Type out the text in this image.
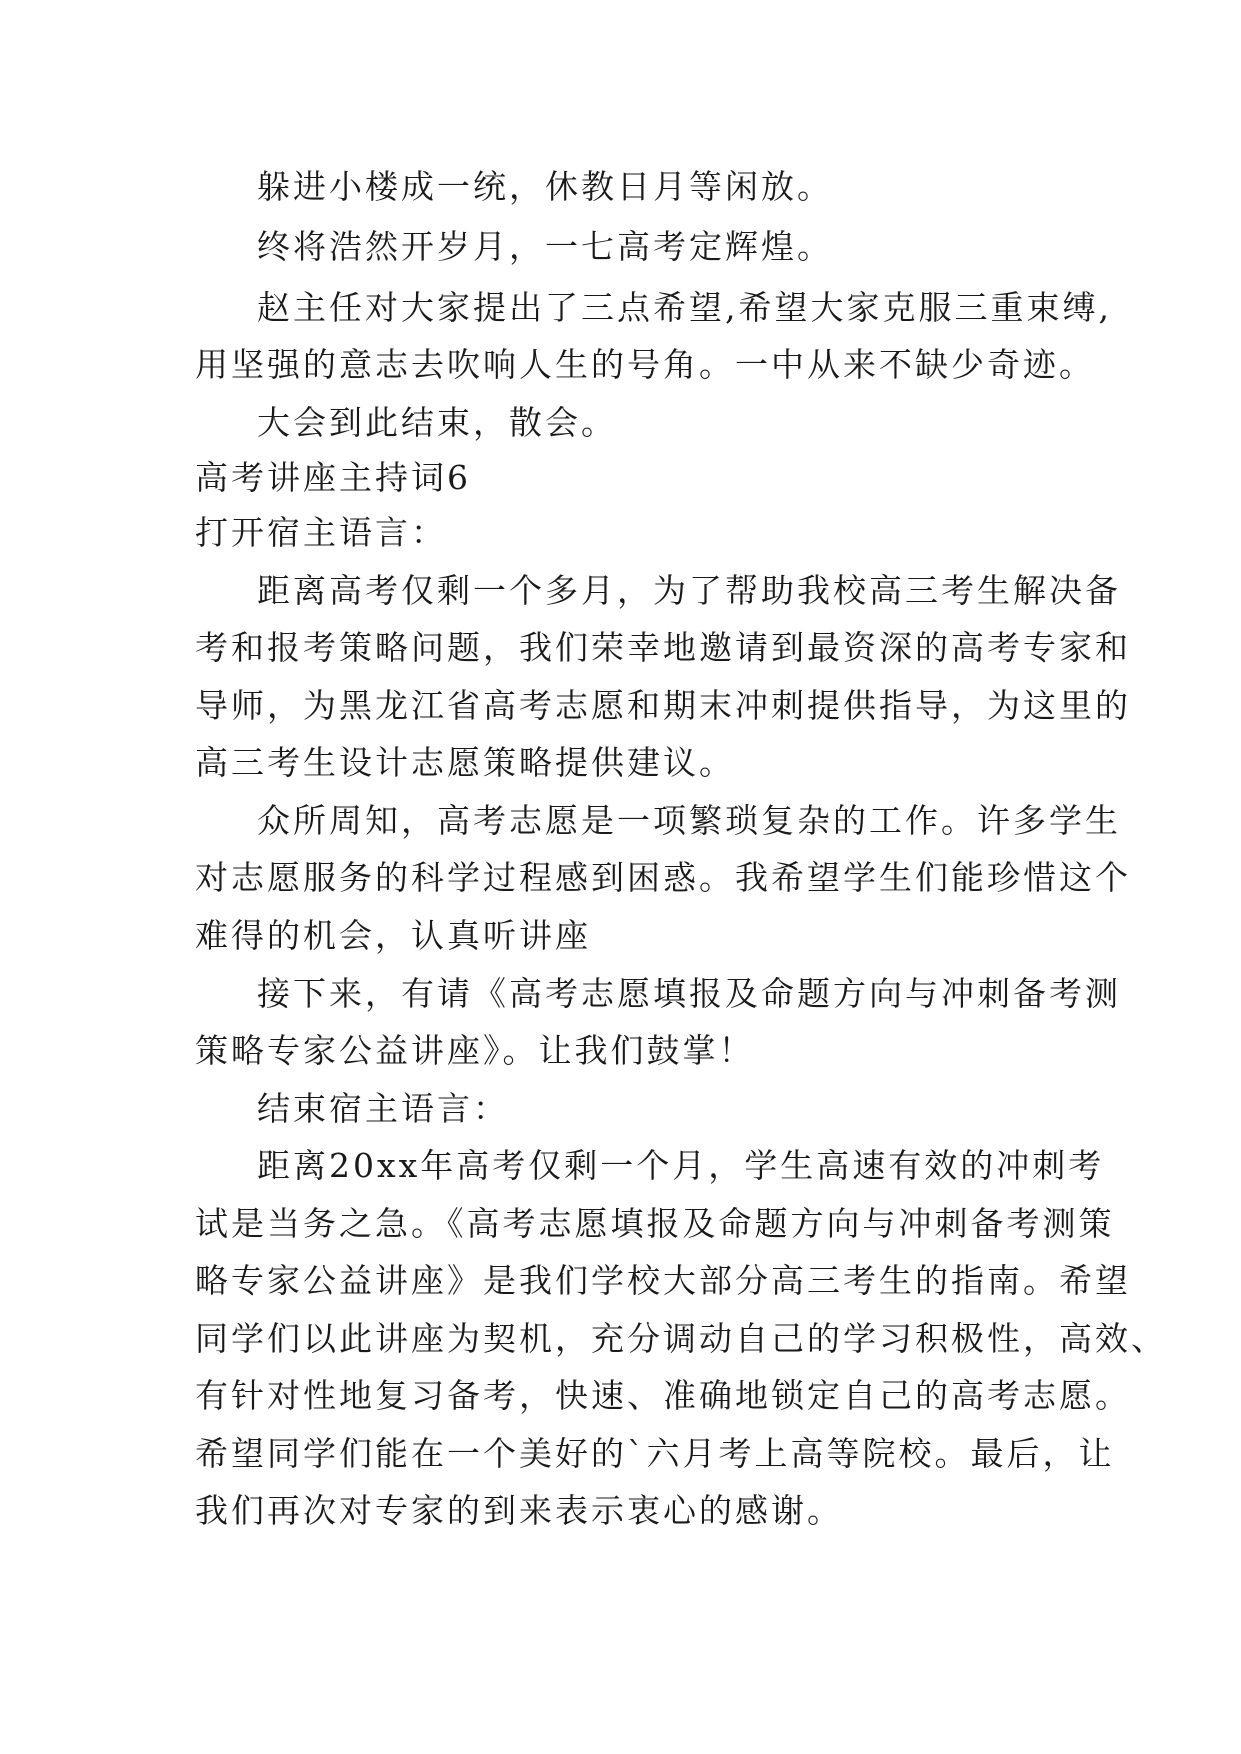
躲进小楼成一统，休教日月等闲放。
终将浩然开岁月，一七高考定辉煌。
赵主任对大家提出了三点希望,希望大家克服三重束缚,
用坚强的意志去吹响人生的号角。一中从来不缺少奇迹。
大会到此结束，散会。
高考讲座主持词6
打开宿主语言：
距离高考仅剩一个多月，为了帮助我校高三考生解决备
考和报考策略问题，我们荣幸地邀请到最资深的高考专家和
导师，为黑龙江省高考志愿和期末冲刺提供指导，为这里的
高三考生设计志愿策略提供建议。
众所周知，高考志愿是一项繁琐复杂的工作。许多学生
对志愿服务的科学过程感到困惑。我希望学生们能珍惜这个
难得的机会，认真听讲座
接下来，有请《高考志愿填报及命题方向与冲刺备考测
策略专家公益讲座》。让我们鼓掌！
结束宿主语言：
距离20xx年高考仅剩一个月，学生高速有效的冲刺考
试是当务之急。《高考志愿填报及命题方向与冲刺备考测策
略专家公益讲座》是我们学校大部分高三考生的指南。希望
同学们以此讲座为契机，充分调动自己的学习积极性，高效、
有针对性地复习备考，快速、准确地锁定自己的高考志愿。
希望同学们能在一个美好的`六月考上高等院校。最后，让
我们再次对专家的到来表示衷心的感谢。
